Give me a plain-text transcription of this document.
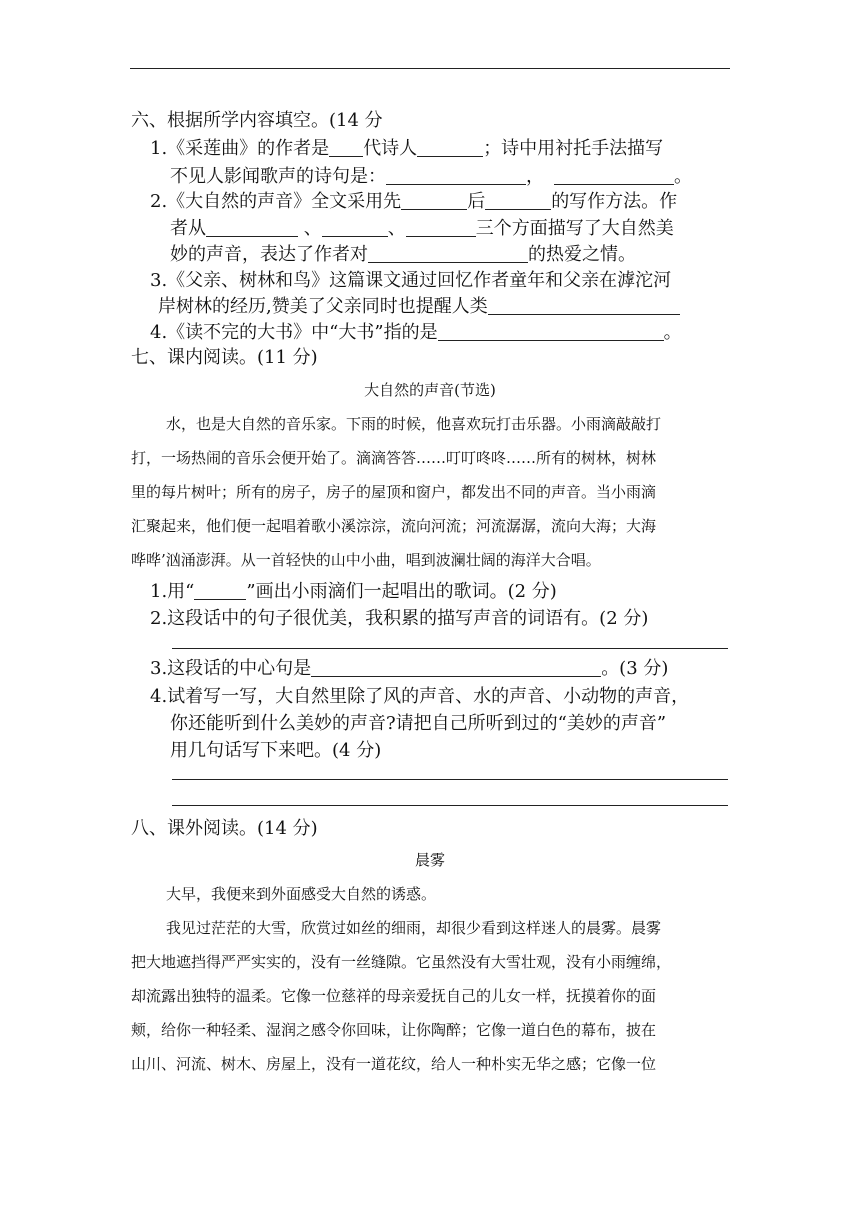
六、根据所学内容填空。(14 分
1.《采莲曲》的作者是 代诗人	；诗中用衬托手法描写
不见人影闻歌声的诗句是：	，	。
2.《大自然的声音》全文采用先	后	的写作方法。作
者从	、	、	三个方面描写了大自然美
妙的声音，表达了作者对	的热爱之情。
3.《父亲、树林和鸟》这篇课文通过回忆作者童年和父亲在滹沱河
岸树林的经历,赞美了父亲同时也提醒人类
4.《读不完的大书》中“大书”指的是	。
七、课内阅读。(11 分)
大自然的声音(节选)
水，也是大自然的音乐家。下雨的时候，他喜欢玩打击乐器。小雨滴敲敲打
打，一场热闹的音乐会便开始了。滴滴答答……叮叮咚咚……所有的树林，树林
里的每片树叶；所有的房子，房子的屋顶和窗户，都发出不同的声音。当小雨滴
汇聚起来，他们便一起唱着歌小溪淙淙，流向河流；河流潺潺，流向大海；大海
哗哗’汹涌澎湃。从一首轻快的山中小曲，唱到波澜壮阔的海洋大合唱。
1.用“	”画出小雨滴们一起唱出的歌词。(2 分)
2.这段话中的句子很优美，我积累的描写声音的词语有。(2 分)
3.这段话的中心句是	。(3 分)
4.试着写一写，大自然里除了风的声音、水的声音、小动物的声音，
你还能听到什么美妙的声音?请把自己所听到过的“美妙的声音”
用几句话写下来吧。(4 分)
八、课外阅读。(14 分)
晨雾
大早，我便来到外面感受大自然的诱惑。
我见过茫茫的大雪，欣赏过如丝的细雨，却很少看到这样迷人的晨雾。晨雾
把大地遮挡得严严实实的，没有一丝缝隙。它虽然没有大雪壮观，没有小雨缠绵，
却流露出独特的温柔。它像一位慈祥的母亲爱抚自己的儿女一样，抚摸着你的面
颊，给你一种轻柔、湿润之感令你回味，让你陶醉；它像一道白色的幕布，披在
山川、河流、树木、房屋上，没有一道花纹，给人一种朴实无华之感；它像一位
